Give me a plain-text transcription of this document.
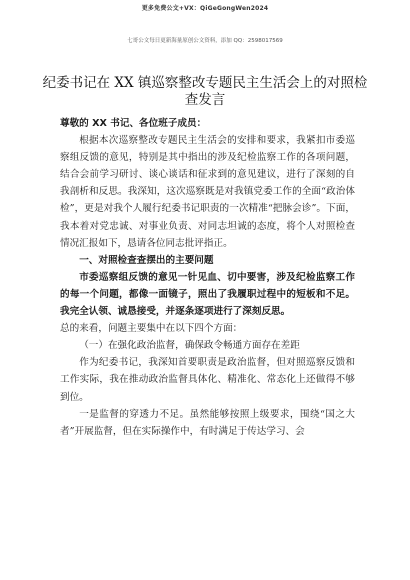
更多免费公文+VX：QiGeGongWen2024
七哥公文每日更新海量原创公文资料，添加 QQ：2598017569
纪委书记在 XX 镇巡察整改专题民主生活会上的对照检查发言

尊敬的 XX 书记、各位班子成员：

根据本次巡察整改专题民主生活会的安排和要求，我紧扣市委巡察组反馈的意见，特别是其中指出的涉及纪检监察工作的各项问题，结合会前学习研讨、谈心谈话和征求到的意见建议，进行了深刻的自我剖析和反思。我深知，这次巡察既是对我镇党委工作的全面“政治体检”，更是对我个人履行纪委书记职责的一次精准“把脉会诊”。下面，我本着对党忠诚、对事业负责、对同志坦诚的态度，将个人对照检查情况汇报如下，恳请各位同志批评指正。

一、对照检查查摆出的主要问题

市委巡察组反馈的意见一针见血、切中要害，涉及纪检监察工作的每一个问题，都像一面镜子，照出了我履职过程中的短板和不足。我完全认领、诚恳接受，并逐条逐项进行了深刻反思。

总的来看，问题主要集中在以下四个方面：

（一）在强化政治监督，确保政令畅通方面存在差距

作为纪委书记，我深知首要职责是政治监督，但对照巡察反馈和工作实际，我在推动政治监督具体化、精准化、常态化上还做得不够到位。

一是监督的穿透力不足。虽然能够按照上级要求，围绕“国之大者”开展监督，但在实际操作中，有时满足于传达学习、会
